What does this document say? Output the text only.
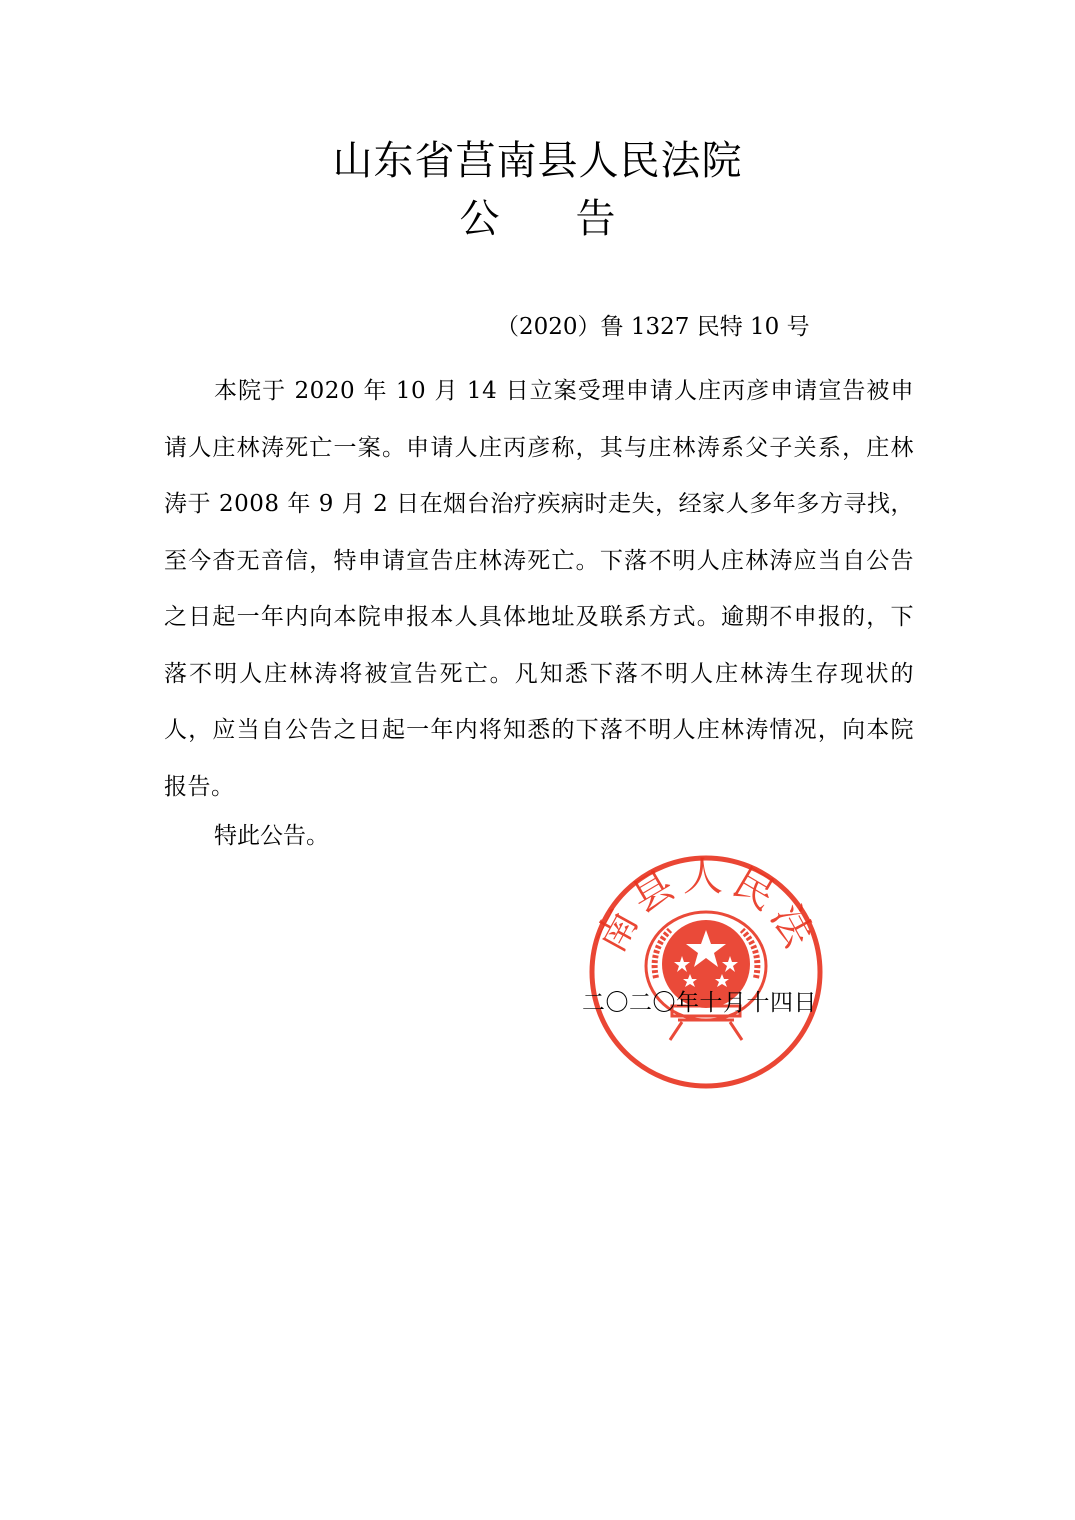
山东省莒南县人民法院
公 告
（2020）鲁 1327 民特 10 号
本院于 2020 年 10 月 14 日立案受理申请人庄丙彦申请宣告被申请人庄林涛死亡一案。申请人庄丙彦称，其与庄林涛系父子关系，庄林涛于 2008 年 9 月 2 日在烟台治疗疾病时走失，经家人多年多方寻找，至今杳无音信，特申请宣告庄林涛死亡。下落不明人庄林涛应当自公告之日起一年内向本院申报本人具体地址及联系方式。逾期不申报的，下落不明人庄林涛将被宣告死亡。凡知悉下落不明人庄林涛生存现状的人，应当自公告之日起一年内将知悉的下落不明人庄林涛情况，向本院报告。
特此公告。
南县人民法
二〇二〇年十月十四日
